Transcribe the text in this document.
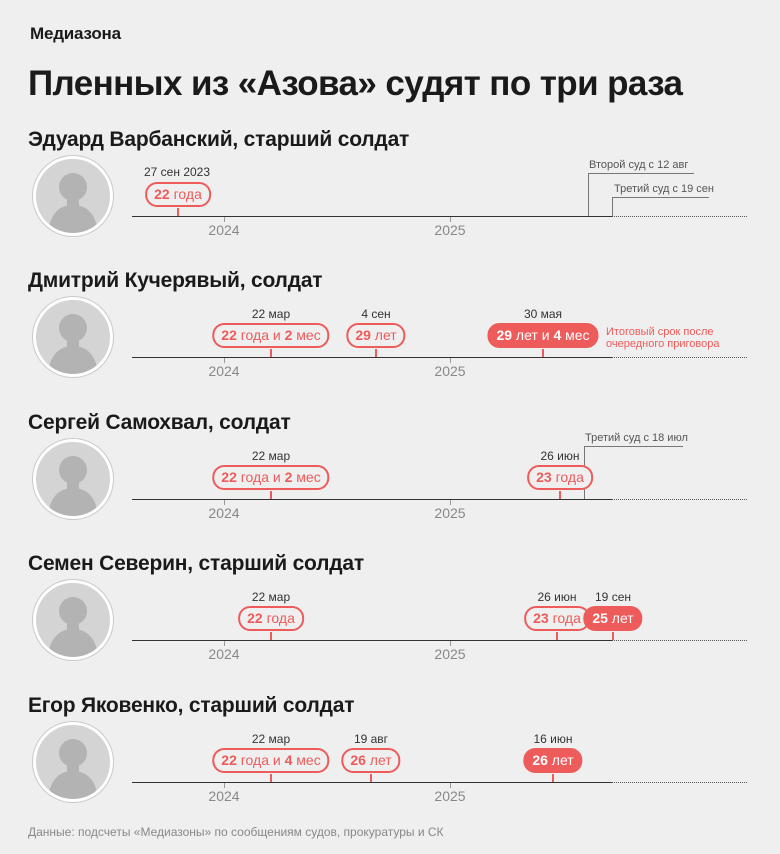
Медиазона
Пленных из «Азова» судят по три раза
Эдуард Варбанский, старший солдат
2024	2025
Второй суд с 12 авг
Третий суд с 19 сен
22 года
27 сен 2023
Дмитрий Кучерявый, солдат
2024	2025
22 года и 2 мес
22 мар
29 лет
4 сен
29 лет и 4 мес
30 мая
Итоговый срок после
очередного приговора
Сергей Самохвал, солдат
2024	2025
Третий суд с 18 июл
22 года и 2 мес
22 мар
23 года
26 июн
Семен Северин, старший солдат
2024	2025
22 года
22 мар
23 года
26 июн
25 лет
19 сен
Егор Яковенко, старший солдат
2024	2025
22 года и 4 мес
22 мар
26 лет
19 авг
26 лет
16 июн
Данные: подсчеты «Медиазоны» по сообщениям судов, прокуратуры и СК
